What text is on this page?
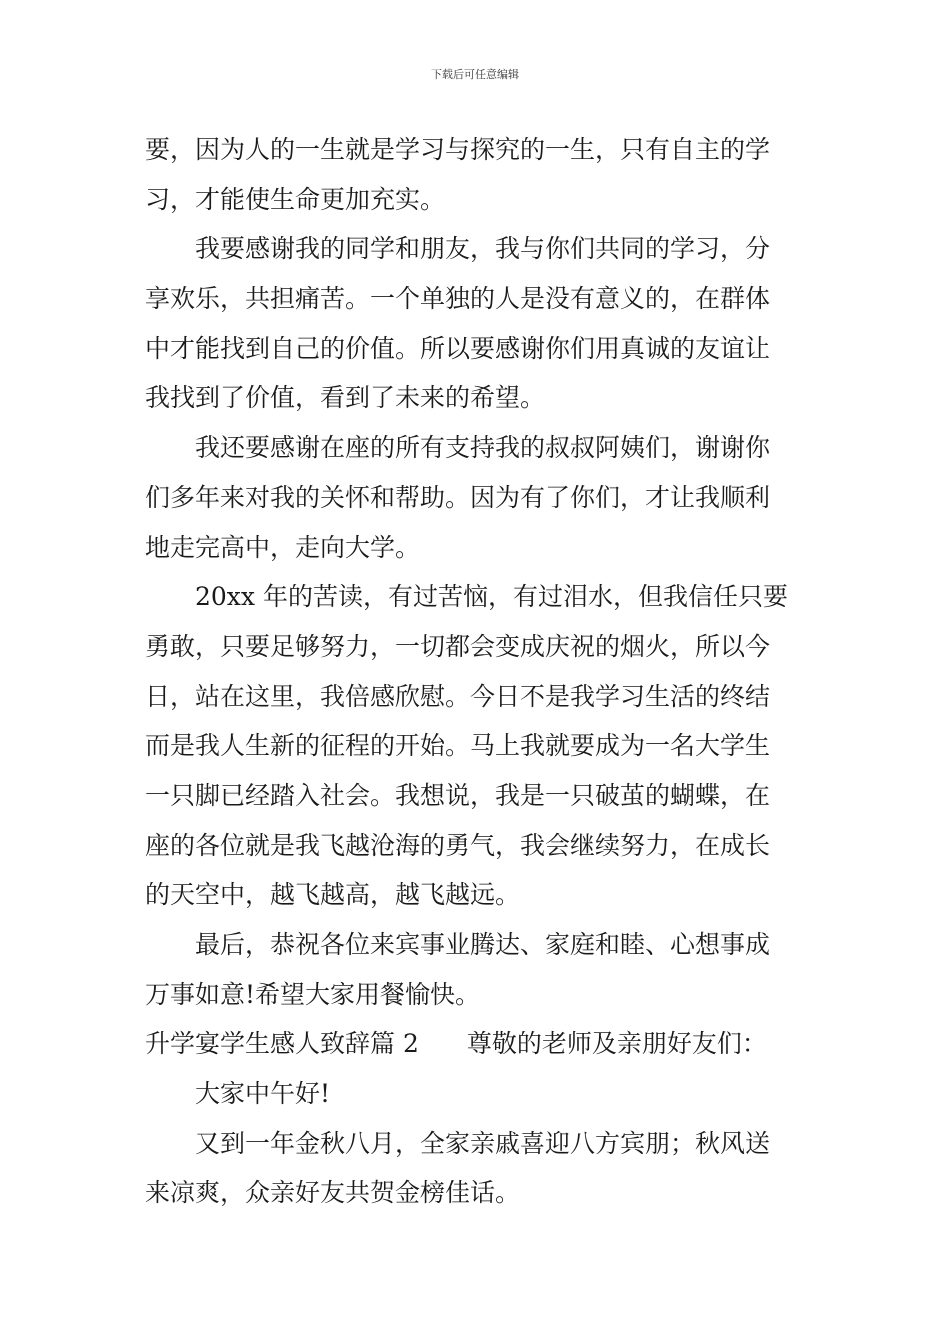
下载后可任意编辑
要，因为人的一生就是学习与探究的一生，只有自主的学
习，才能使生命更加充实。
我要感谢我的同学和朋友，我与你们共同的学习，分
享欢乐，共担痛苦。一个单独的人是没有意义的，在群体
中才能找到自己的价值。所以要感谢你们用真诚的友谊让
我找到了价值，看到了未来的希望。
我还要感谢在座的所有支持我的叔叔阿姨们，谢谢你
们多年来对我的关怀和帮助。因为有了你们，才让我顺利
地走完高中，走向大学。
20xx 年的苦读，有过苦恼，有过泪水，但我信任只要
勇敢，只要足够努力，一切都会变成庆祝的烟火，所以今
日，站在这里，我倍感欣慰。今日不是我学习生活的终结
而是我人生新的征程的开始。马上我就要成为一名大学生
一只脚已经踏入社会。我想说，我是一只破茧的蝴蝶，在
座的各位就是我飞越沧海的勇气，我会继续努力，在成长
的天空中，越飞越高，越飞越远。
最后，恭祝各位来宾事业腾达、家庭和睦、心想事成
万事如意!希望大家用餐愉快。
升学宴学生感人致辞篇 2 尊敬的老师及亲朋好友们：
大家中午好!
又到一年金秋八月，全家亲戚喜迎八方宾朋；秋风送
来凉爽，众亲好友共贺金榜佳话。
